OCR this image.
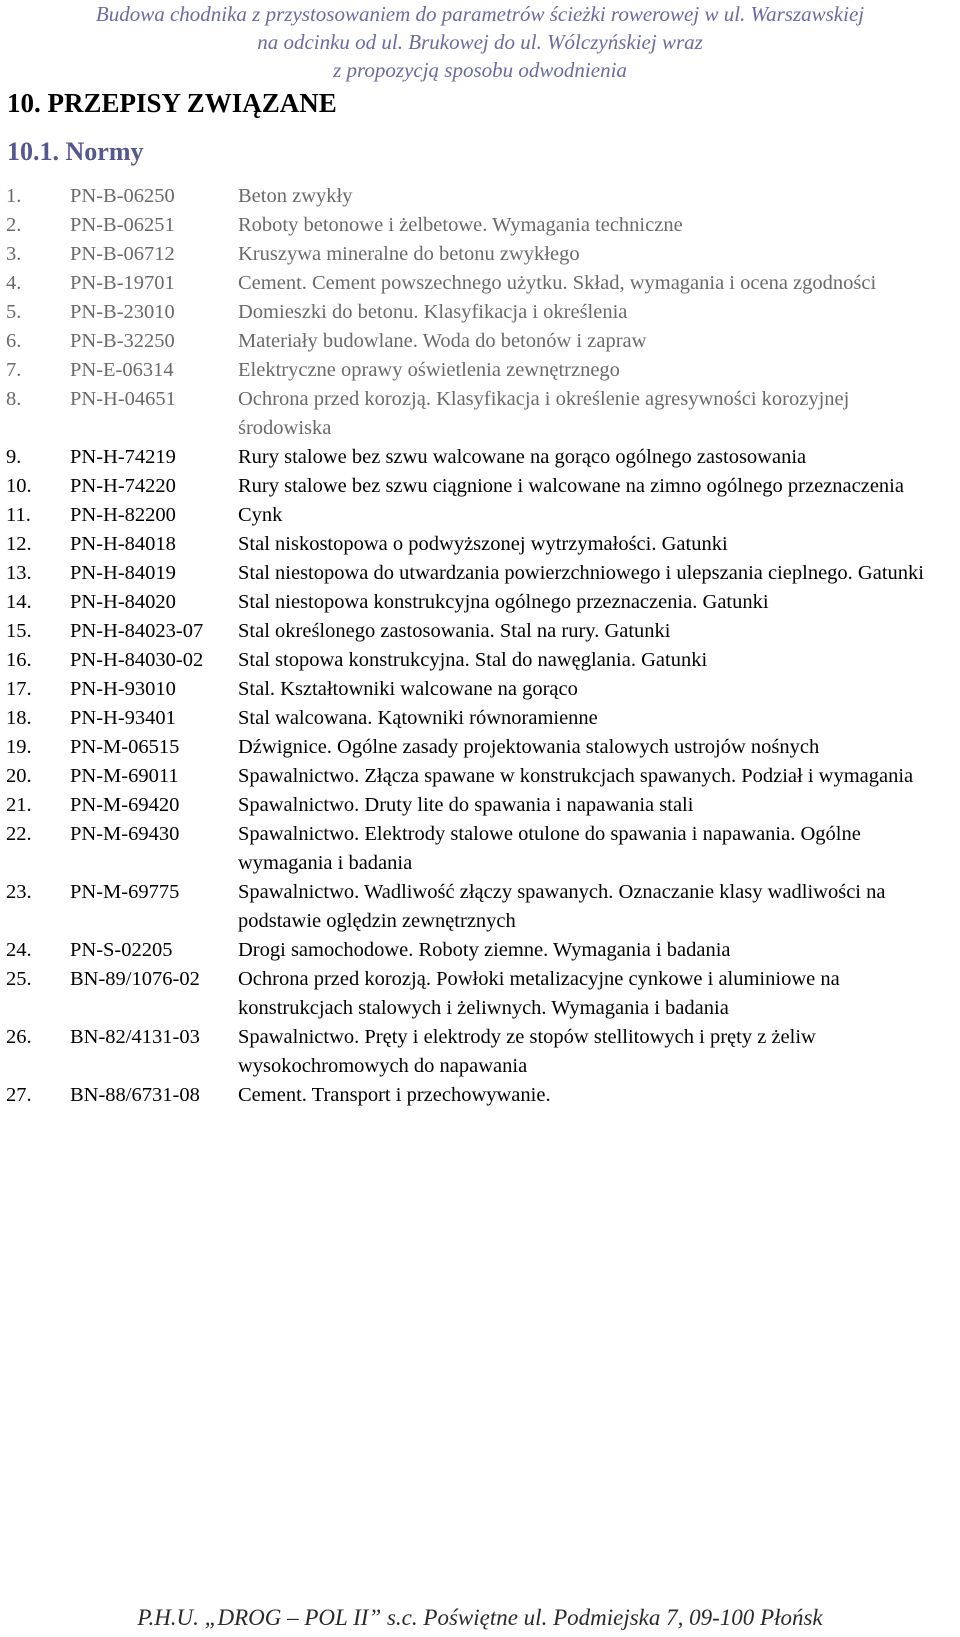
Budowa chodnika z przystosowaniem do parametrów ścieżki rowerowej w ul. Warszawskiej
na odcinku od ul. Brukowej do ul. Wólczyńskiej wraz
z propozycją sposobu odwodnienia
10. PRZEPISY ZWIĄZANE
10.1. Normy
1.	PN-B-06250	Beton zwykły
2.	PN-B-06251	Roboty betonowe i żelbetowe. Wymagania techniczne
3.	PN-B-06712	Kruszywa mineralne do betonu zwykłego
4.	PN-B-19701	Cement. Cement powszechnego użytku. Skład, wymagania i ocena zgodności
5.	PN-B-23010	Domieszki do betonu. Klasyfikacja i określenia
6.	PN-B-32250	Materiały budowlane. Woda do betonów i zapraw
7.	PN-E-06314	Elektryczne oprawy oświetlenia zewnętrznego
8.	PN-H-04651	Ochrona przed korozją. Klasyfikacja i określenie agresywności korozyjnej środowiska
9.	PN-H-74219	Rury stalowe bez szwu walcowane na gorąco ogólnego zastosowania
10.	PN-H-74220	Rury stalowe bez szwu ciągnione i walcowane na zimno ogólnego przeznaczenia
11.	PN-H-82200	Cynk
12.	PN-H-84018	Stal niskostopowa o podwyższonej wytrzymałości. Gatunki
13.	PN-H-84019	Stal niestopowa do utwardzania powierzchniowego i ulepszania cieplnego. Gatunki
14.	PN-H-84020	Stal niestopowa konstrukcyjna ogólnego przeznaczenia. Gatunki
15.	PN-H-84023-07	Stal określonego zastosowania. Stal na rury. Gatunki
16.	PN-H-84030-02	Stal stopowa konstrukcyjna. Stal do nawęglania. Gatunki
17.	PN-H-93010	Stal. Kształtowniki walcowane na gorąco
18.	PN-H-93401	Stal walcowana. Kątowniki równoramienne
19.	PN-M-06515	Dźwignice. Ogólne zasady projektowania stalowych ustrojów nośnych
20.	PN-M-69011	Spawalnictwo. Złącza spawane w konstrukcjach spawanych. Podział i wymagania
21.	PN-M-69420	Spawalnictwo. Druty lite do spawania i napawania stali
22.	PN-M-69430	Spawalnictwo. Elektrody stalowe otulone do spawania i napawania. Ogólne wymagania i badania
23.	PN-M-69775	Spawalnictwo. Wadliwość złączy spawanych. Oznaczanie klasy wadliwości na podstawie oględzin zewnętrznych
24.	PN-S-02205	Drogi samochodowe. Roboty ziemne. Wymagania i badania
25.	BN-89/1076-02	Ochrona przed korozją. Powłoki metalizacyjne cynkowe i aluminiowe na konstrukcjach stalowych i żeliwnych. Wymagania i badania
26.	BN-82/4131-03	Spawalnictwo. Pręty i elektrody ze stopów stellitowych i pręty z żeliw wysokochromowych do napawania
27.	BN-88/6731-08	Cement. Transport i przechowywanie.
P.H.U. „DROG – POL II” s.c. Poświętne ul. Podmiejska 7, 09-100 Płońsk
